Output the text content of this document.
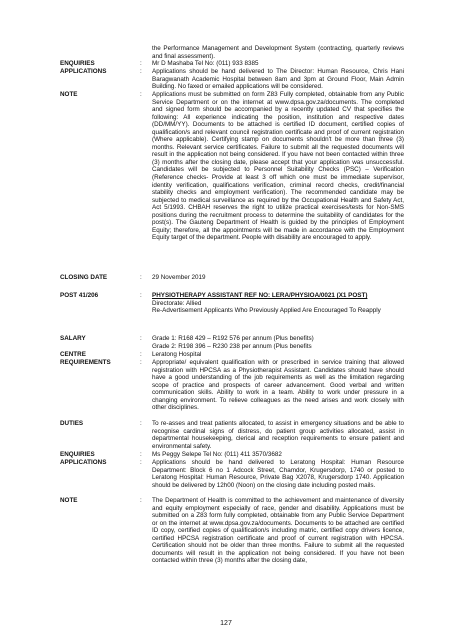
the Performance Management and Development System (contracting, quarterly reviews and final assessment).
ENQUIRIES	:	Mr D Mashaba Tel No: (011) 933 8385
APPLICATIONS	:	Applications should be hand delivered to The Director: Human Resource, Chris Hani Baragwanath Academic Hospital between 8am and 3pm at Ground Floor, Main Admin Building. No faxed or emailed applications will be considered.
NOTE	:	Applications must be submitted on form Z83 Fully completed, obtainable from any Public Service Department or on the internet at www.dpsa.gov.za/documents. The completed and signed form should be accompanied by a recently updated CV that specifies the following: All experience indicating the position, institution and respective dates (DD/MM/YY). Documents to be attached is certified ID document, certified copies of qualification/s and relevant council registration certificate and proof of current registration (Where applicable). Certifying stamp on documents shouldn't be more than three (3) months. Relevant service certificates. Failure to submit all the requested documents will result in the application not being considered. If you have not been contacted within three (3) months after the closing date, please accept that your application was unsuccessful. Candidates will be subjected to Personnel Suitability Checks (PSC) – Verification (Reference checks- Provide at least 3 off which one must be immediate supervisor, identity verification, qualifications verification, criminal record checks, credit/financial stability checks and employment verification). The recommended candidate may be subjected to medical surveillance as required by the Occupational Health and Safety Act, Act 5/1993. CHBAH reserves the right to utilize practical exercises/tests for Non-SMS positions during the recruitment process to determine the suitability of candidates for the post(s). The Gauteng Department of Health is guided by the principles of Employment Equity; therefore, all the appointments will be made in accordance with the Employment Equity target of the department. People with disability are encouraged to apply.
CLOSING DATE	:	29 November 2019
POST 41/206	:	PHYSIOTHERAPY ASSISTANT REF NO: LERA/PHYSIOA/0021 (X1 POST)

Directorate: Allied

Re-Advertisement Applicants Who Previously Applied Are Encouraged To Reapply

SALARY	:	Grade 1: R168 429 – R192 576 per annum (Plus benefits)

Grade 2: R198 396 – R230 238 per annum (Plus benefits

CENTRE	:	Leratong Hospital
REQUIREMENTS	:	Appropriate/ equivalent qualification with or prescribed in service training that allowed registration with HPCSA as a Physiotherapist Assistant. Candidates should have should have a good understanding of the job requirements as well as the limitation regarding scope of practice and prospects of career advancement. Good verbal and written communication skills. Ability to work in a team. Ability to work under pressure in a changing environment. To relieve colleagues as the need arises and work closely with other disciplines.
DUTIES	:	To re-asses and treat patients allocated, to assist in emergency situations and be able to recognise cardinal signs of distress, do patient group activities allocated, assist in departmental housekeeping, clerical and reception requirements to ensure patient and environmental safety.
ENQUIRIES	:	Ms Peggy Selepe Tel No: (011) 411 3570/3682
APPLICATIONS	:	Applications should be hand delivered to Leratong Hospital: Human Resource Department: Block 6 no 1 Adcock Street, Chamdor, Krugersdorp, 1740 or posted to Leratong Hospital: Human Resource, Private Bag X2078, Krugersdorp 1740. Application should be delivered by 12h00 (Noon) on the closing date including posted mails.
NOTE	:	The Department of Health is committed to the achievement and maintenance of diversity and equity employment especially of race, gender and disability. Applications must be submitted on a Z83 form fully completed, obtainable from any Public Service Department or on the internet at www.dpsa.gov.za/documents. Documents to be attached are certified ID copy, certified copies of qualification/s including matric, certified copy drivers licence, certified HPCSA registration certificate and proof of current registration with HPCSA. Certification should not be older than three months. Failure to submit all the requested documents will result in the application not being considered. If you have not been contacted within three (3) months after the closing date,
127
